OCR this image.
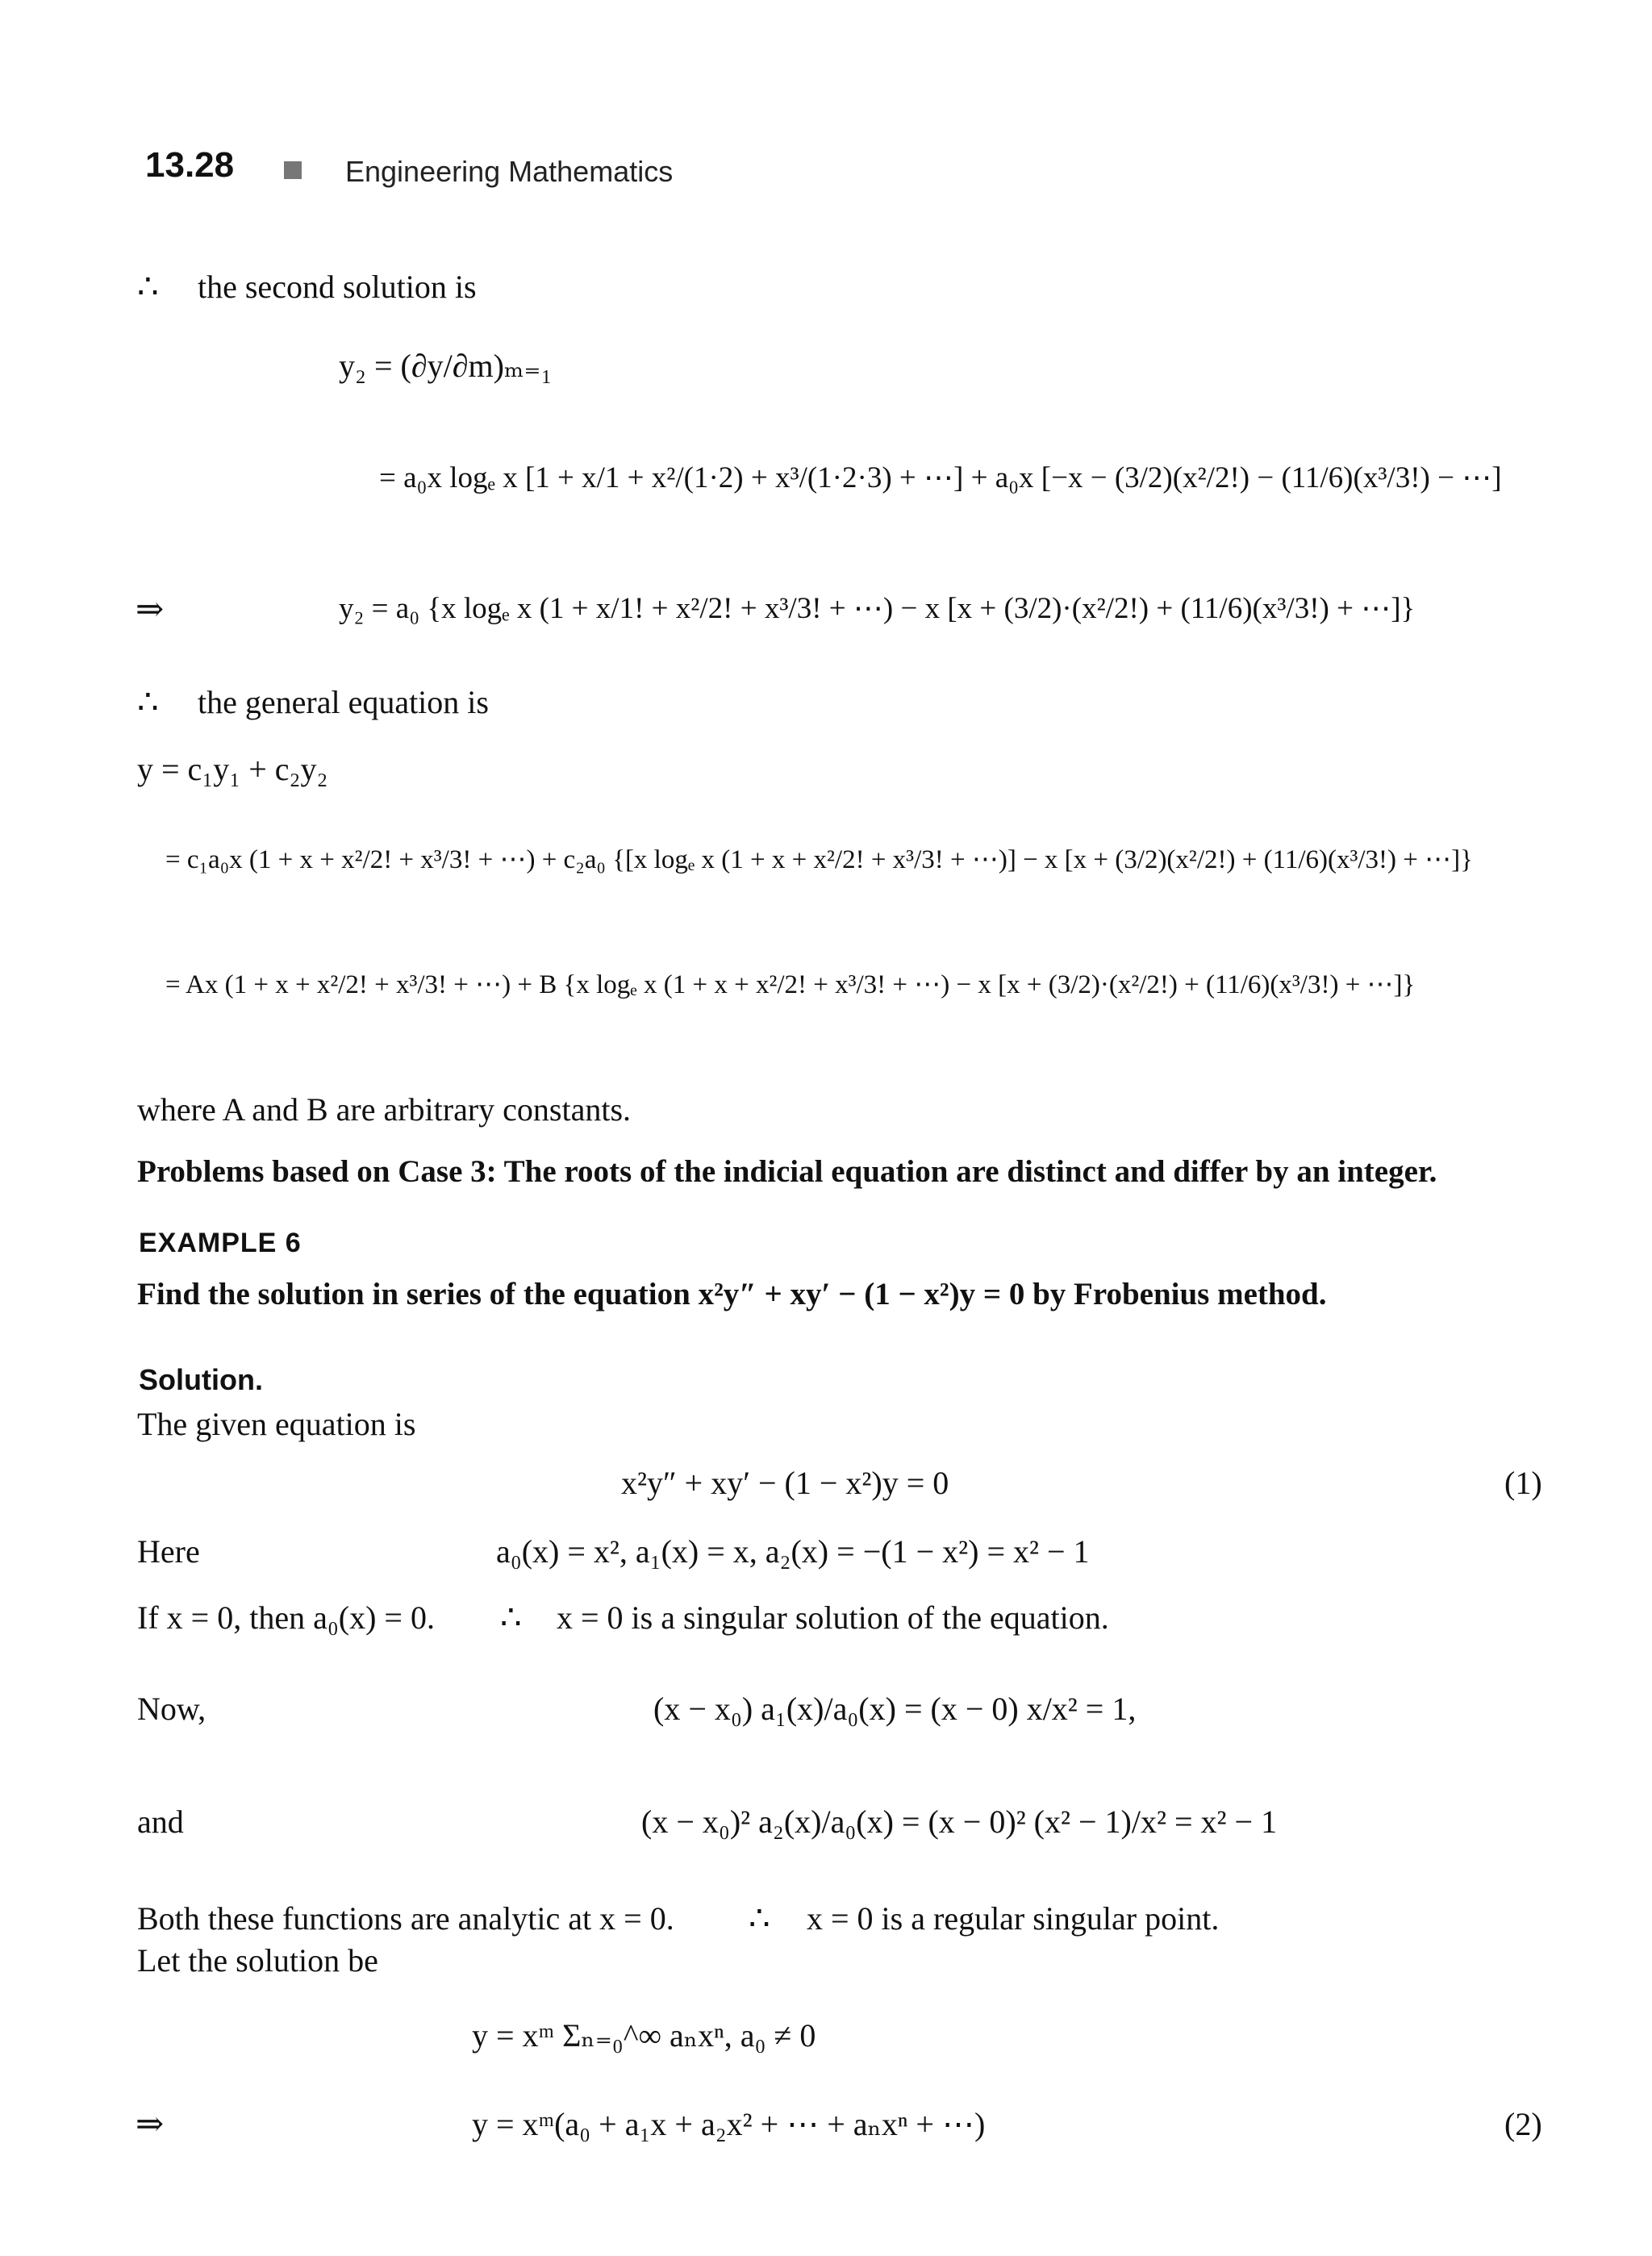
13.28	Engineering Mathematics
∴ the second solution is
y₂ = (∂y/∂m)ₘ₌₁
= a₀x logₑ x [1 + x/1 + x²/(1·2) + x³/(1·2·3) + ⋯] + a₀x [−x − (3/2)(x²/2!) − (11/6)(x³/3!) − ⋯]
⇒	y₂ = a₀ {x logₑ x (1 + x/1! + x²/2! + x³/3! + ⋯) − x [x + (3/2)·(x²/2!) + (11/6)(x³/3!) + ⋯]}
∴ the general equation is
y = c₁y₁ + c₂y₂
= c₁a₀x (1 + x + x²/2! + x³/3! + ⋯) + c₂a₀ {[x logₑ x (1 + x + x²/2! + x³/3! + ⋯)] − x [x + (3/2)(x²/2!) + (11/6)(x³/3!) + ⋯]}
= Ax (1 + x + x²/2! + x³/3! + ⋯) + B {x logₑ x (1 + x + x²/2! + x³/3! + ⋯) − x [x + (3/2)·(x²/2!) + (11/6)(x³/3!) + ⋯]}
where A and B are arbitrary constants.
Problems based on Case 3: The roots of the indicial equation are distinct and differ by an integer.
EXAMPLE 6
Find the solution in series of the equation x²y″ + xy′ − (1 − x²)y = 0 by Frobenius method.
Solution.
The given equation is
x²y″ + xy′ − (1 − x²)y = 0	(1)
Here	a₀(x) = x², a₁(x) = x, a₂(x) = −(1 − x²) = x² − 1
If x = 0, then a₀(x) = 0. ∴ x = 0 is a singular solution of the equation.
Now,	(x − x₀) a₁(x)/a₀(x) = (x − 0) x/x² = 1,
and	(x − x₀)² a₂(x)/a₀(x) = (x − 0)² (x² − 1)/x² = x² − 1
Both these functions are analytic at x = 0. ∴ x = 0 is a regular singular point.
Let the solution be
y = xᵐ Σₙ₌₀^∞ aₙxⁿ, a₀ ≠ 0
⇒	y = xᵐ(a₀ + a₁x + a₂x² + ⋯ + aₙxⁿ + ⋯)	(2)
